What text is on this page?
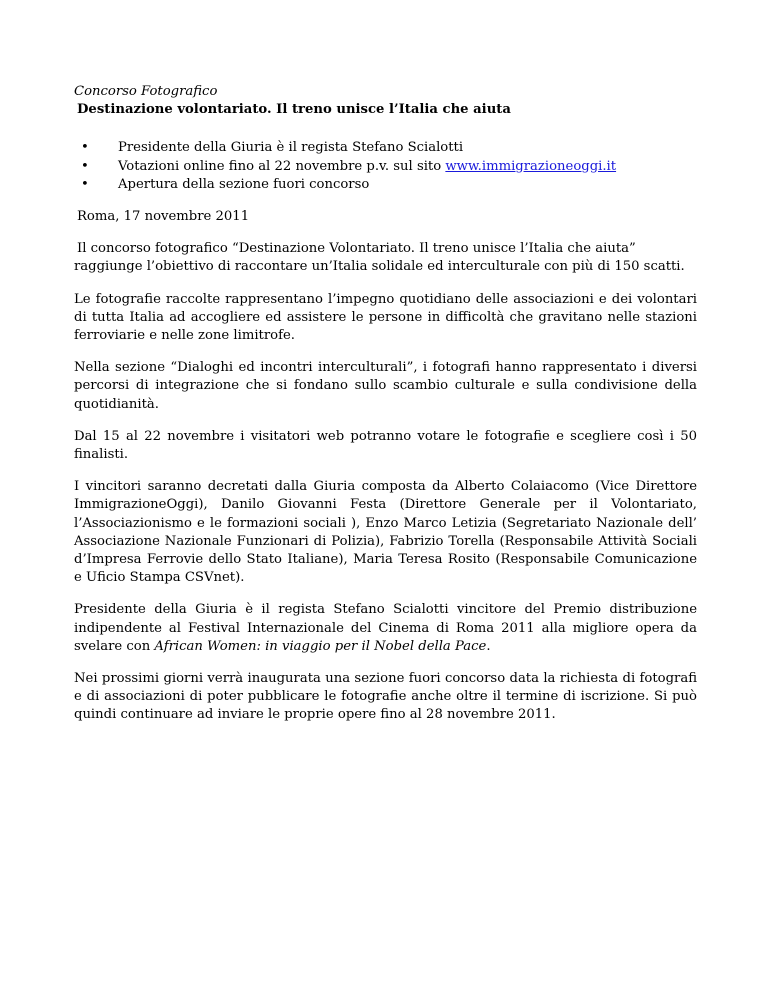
Concorso Fotografico

Destinazione volontariato. Il treno unisce l’Italia che aiuta

• Presidente della Giuria è il regista Stefano Scialotti
• Votazioni online fino al 22 novembre p.v. sul sito www.immigrazioneoggi.it
• Apertura della sezione fuori concorso

Roma, 17 novembre 2011

Il concorso fotografico “Destinazione Volontariato. Il treno unisce l’Italia che aiuta” raggiunge l’obiettivo di raccontare un’Italia solidale ed interculturale con più di 150 scatti.

Le fotografie raccolte rappresentano l’impegno quotidiano delle associazioni e dei volontari di tutta Italia ad accogliere ed assistere le persone in difficoltà che gravitano nelle stazioni ferroviarie e nelle zone limitrofe.

Nella sezione “Dialoghi ed incontri interculturali”, i fotografi hanno rappresentato i diversi percorsi di integrazione che si fondano sullo scambio culturale e sulla condivisione della quotidianità.

Dal 15 al 22 novembre i visitatori web potranno votare le fotografie e scegliere così i 50 finalisti.

I vincitori saranno decretati dalla Giuria composta da Alberto Colaiacomo (Vice Direttore ImmigrazioneOggi), Danilo Giovanni Festa (Direttore Generale per il Volontariato, l’Associazionismo e le formazioni sociali ), Enzo Marco Letizia (Segretariato Nazionale dell’ Associazione Nazionale Funzionari di Polizia), Fabrizio Torella (Responsabile Attività Sociali d’Impresa Ferrovie dello Stato Italiane), Maria Teresa Rosito (Responsabile Comunicazione e Uficio Stampa CSVnet).

Presidente della Giuria è il regista Stefano Scialotti vincitore del Premio distribuzione indipendente al Festival Internazionale del Cinema di Roma 2011 alla migliore opera da svelare con African Women: in viaggio per il Nobel della Pace.

Nei prossimi giorni verrà inaugurata una sezione fuori concorso data la richiesta di fotografi e di associazioni di poter pubblicare le fotografie anche oltre il termine di iscrizione. Si può quindi continuare ad inviare le proprie opere fino al 28 novembre 2011.
